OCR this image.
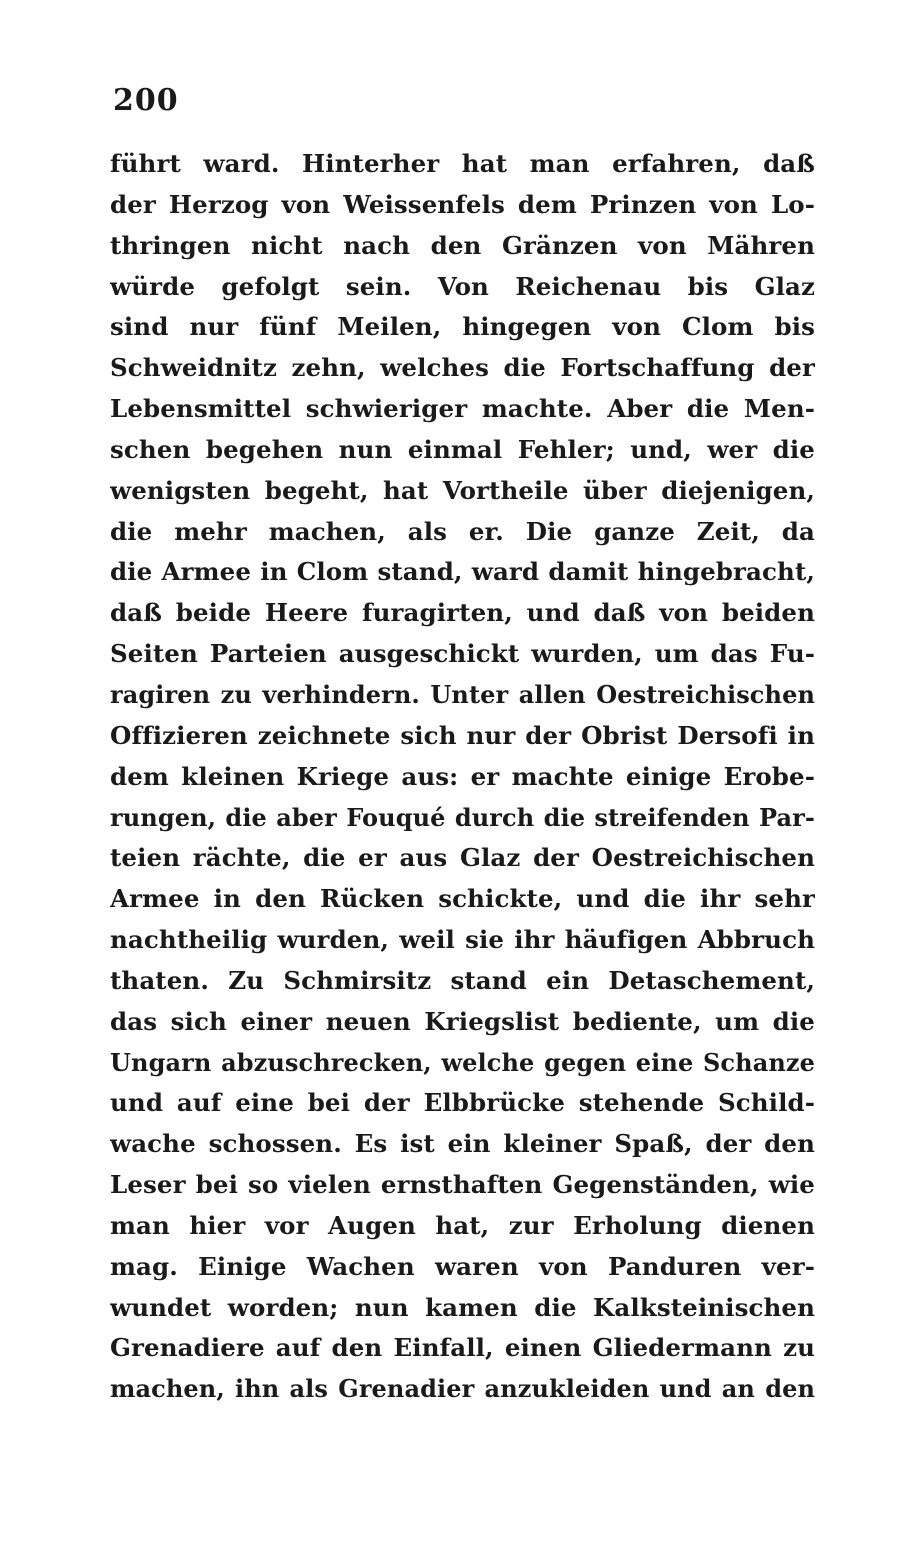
200
führt ward. Hinterher hat man erfahren, daß
der Herzog von Weissenfels dem Prinzen von Lo-
thringen nicht nach den Gränzen von Mähren
würde gefolgt sein. Von Reichenau bis Glaz
sind nur fünf Meilen, hingegen von Clom bis
Schweidnitz zehn, welches die Fortschaffung der
Lebensmittel schwieriger machte. Aber die Men-
schen begehen nun einmal Fehler; und, wer die
wenigsten begeht, hat Vortheile über diejenigen,
die mehr machen, als er. Die ganze Zeit, da
die Armee in Clom stand, ward damit hingebracht,
daß beide Heere furagirten, und daß von beiden
Seiten Parteien ausgeschickt wurden, um das Fu-
ragiren zu verhindern. Unter allen Oestreichischen
Offizieren zeichnete sich nur der Obrist Dersofi in
dem kleinen Kriege aus: er machte einige Erobe-
rungen, die aber Fouqué durch die streifenden Par-
teien rächte, die er aus Glaz der Oestreichischen
Armee in den Rücken schickte, und die ihr sehr
nachtheilig wurden, weil sie ihr häufigen Abbruch
thaten. Zu Schmirsitz stand ein Detaschement,
das sich einer neuen Kriegslist bediente, um die
Ungarn abzuschrecken, welche gegen eine Schanze
und auf eine bei der Elbbrücke stehende Schild-
wache schossen. Es ist ein kleiner Spaß, der den
Leser bei so vielen ernsthaften Gegenständen, wie
man hier vor Augen hat, zur Erholung dienen
mag. Einige Wachen waren von Panduren ver-
wundet worden; nun kamen die Kalksteinischen
Grenadiere auf den Einfall, einen Gliedermann zu
machen, ihn als Grenadier anzukleiden und an den
